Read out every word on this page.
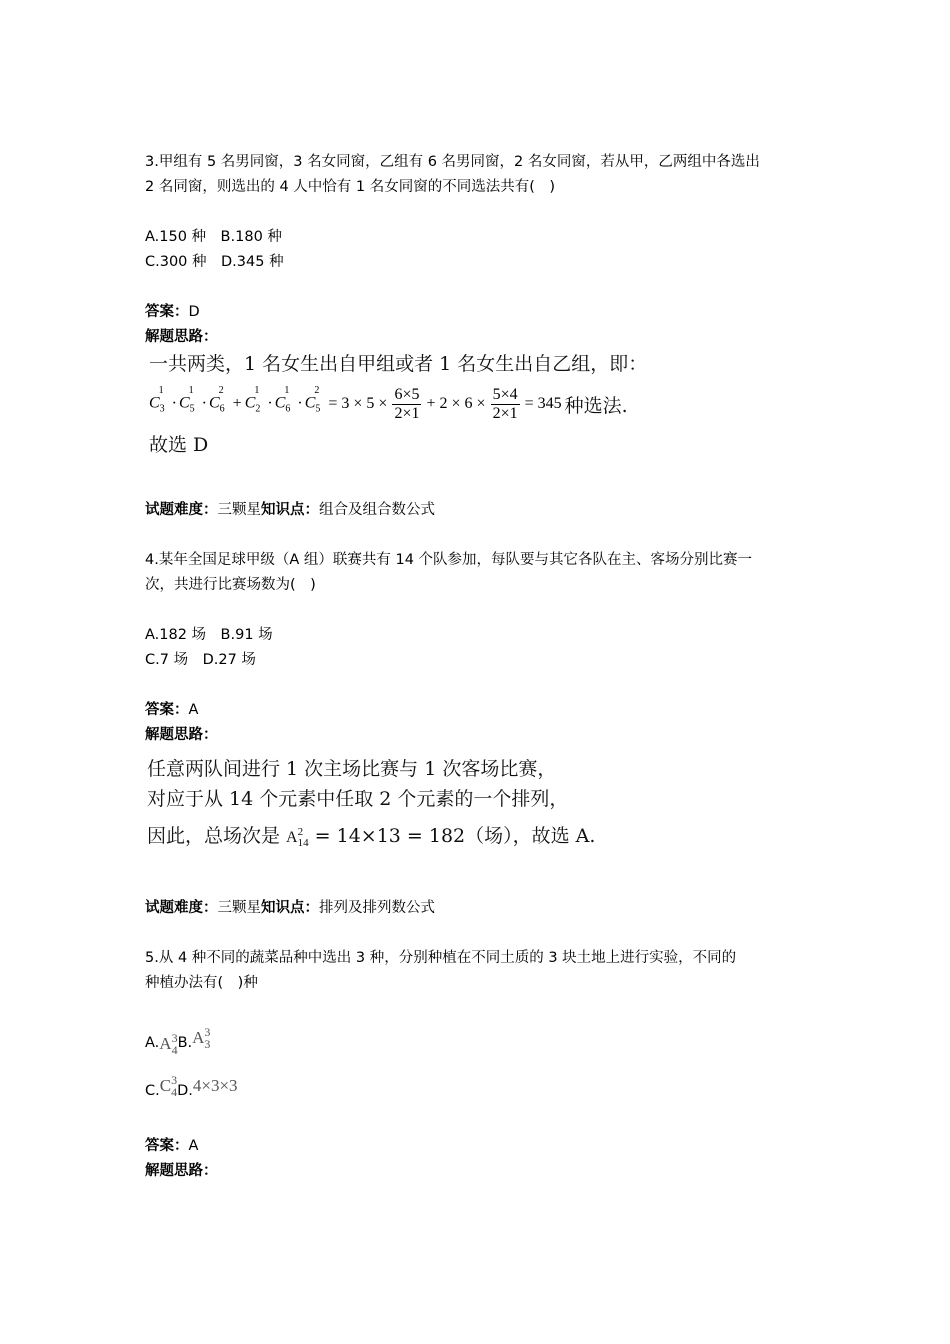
3.甲组有 5 名男同窗，3 名女同窗，乙组有 6 名男同窗，2 名女同窗，若从甲，乙两组中各选出
2 名同窗，则选出的 4 人中恰有 1 名女同窗的不同选法共有(　)
A.150 种　B.180 种
C.300 种　D.345 种
答案：D
解题思路：
一共两类，1 名女生出自甲组或者 1 名女生出自乙组，即：
$C_3^1$
· $C_5^1$
· $C_6^2$
+ $C_2^1$
· $C_6^1$
· $C_5^2$
= $3 \times 5 \times \frac{6\times 5}{2\times 1} + 2 \times 6 \times \frac{5\times 4}{2\times 1} = 345$ 种选法.
故选 D
试题难度：三颗星知识点：组合及组合数公式
4.某年全国足球甲级（A 组）联赛共有 14 个队参加，每队要与其它各队在主、客场分别比赛一
次，共进行比赛场数为(　)
A.182 场　B.91 场
C.7 场　D.27 场
答案：A
解题思路：
任意两队间进行 1 次主场比赛与 1 次客场比赛，
对应于从 14 个元素中任取 2 个元素的一个排列，
因此，总场次是 A 2
14 = 14×13 = 182（场），故选 A.
试题难度：三颗星知识点：排列及排列数公式
5.从 4 种不同的蔬菜品种中选出 3 种，分别种植在不同土质的 3 块土地上进行实验，不同的
种植办法有(　)种
A. A 3
4 B. A 3
3
C. C 3
4 D. 4×3×3
答案：A
解题思路：
